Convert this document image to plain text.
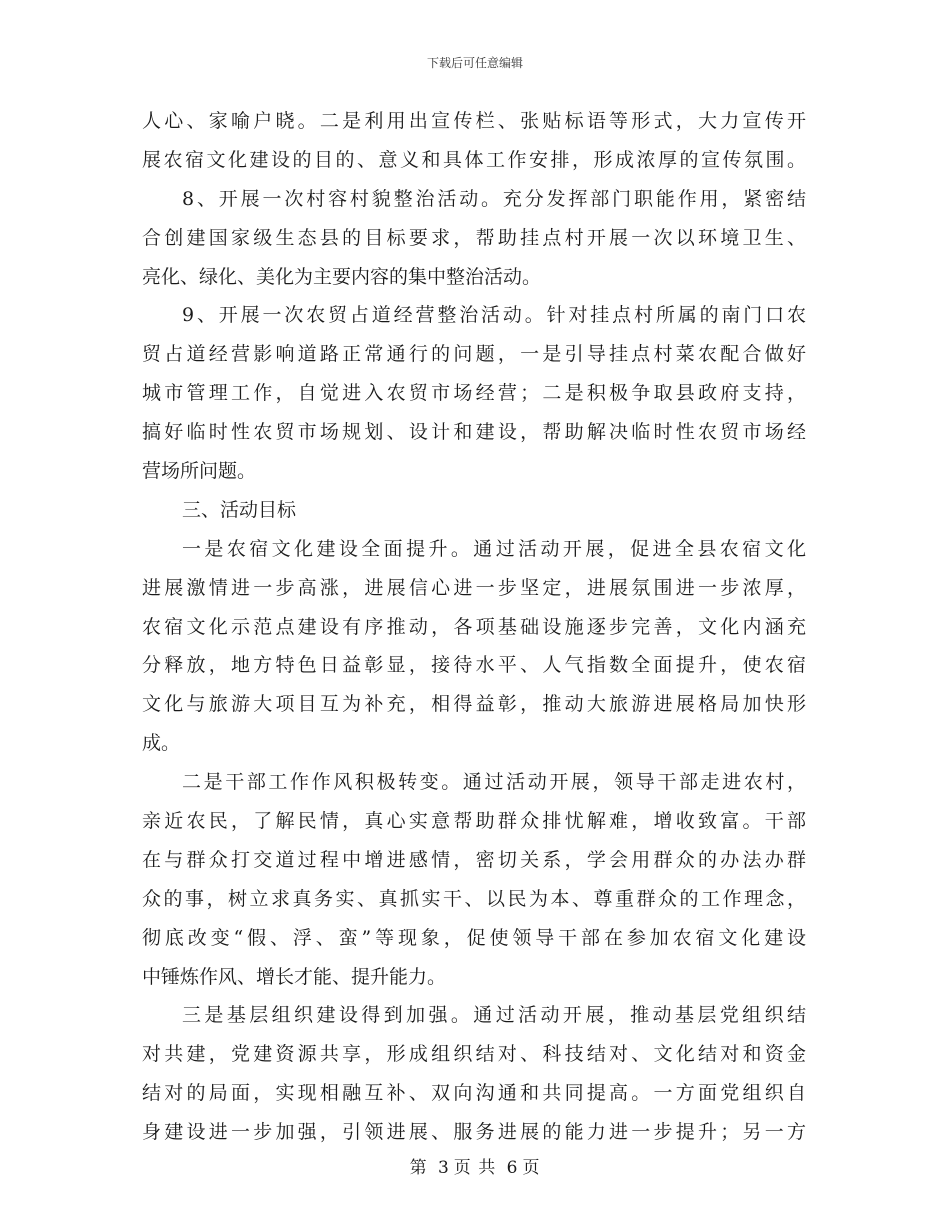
下载后可任意编辑
人心、家喻户晓。二是利用出宣传栏、张贴标语等形式，大力宣传开
展农宿文化建设的目的、意义和具体工作安排，形成浓厚的宣传氛围。
8、开展一次村容村貌整治活动。充分发挥部门职能作用，紧密结
合创建国家级生态县的目标要求，帮助挂点村开展一次以环境卫生、
亮化、绿化、美化为主要内容的集中整治活动。
9、开展一次农贸占道经营整治活动。针对挂点村所属的南门口农
贸占道经营影响道路正常通行的问题，一是引导挂点村菜农配合做好
城市管理工作，自觉进入农贸市场经营；二是积极争取县政府支持，
搞好临时性农贸市场规划、设计和建设，帮助解决临时性农贸市场经
营场所问题。
三、活动目标
一是农宿文化建设全面提升。通过活动开展，促进全县农宿文化
进展激情进一步高涨，进展信心进一步坚定，进展氛围进一步浓厚，
农宿文化示范点建设有序推动，各项基础设施逐步完善，文化内涵充
分释放，地方特色日益彰显，接待水平、人气指数全面提升，使农宿
文化与旅游大项目互为补充，相得益彰，推动大旅游进展格局加快形
成。
二是干部工作作风积极转变。通过活动开展，领导干部走进农村，
亲近农民，了解民情，真心实意帮助群众排忧解难，增收致富。干部
在与群众打交道过程中增进感情，密切关系，学会用群众的办法办群
众的事，树立求真务实、真抓实干、以民为本、尊重群众的工作理念，
彻底改变“假、浮、蛮”等现象，促使领导干部在参加农宿文化建设
中锤炼作风、增长才能、提升能力。
三是基层组织建设得到加强。通过活动开展，推动基层党组织结
对共建，党建资源共享，形成组织结对、科技结对、文化结对和资金
结对的局面，实现相融互补、双向沟通和共同提高。一方面党组织自
身建设进一步加强，引领进展、服务进展的能力进一步提升；另一方
第 3 页 共 6 页
